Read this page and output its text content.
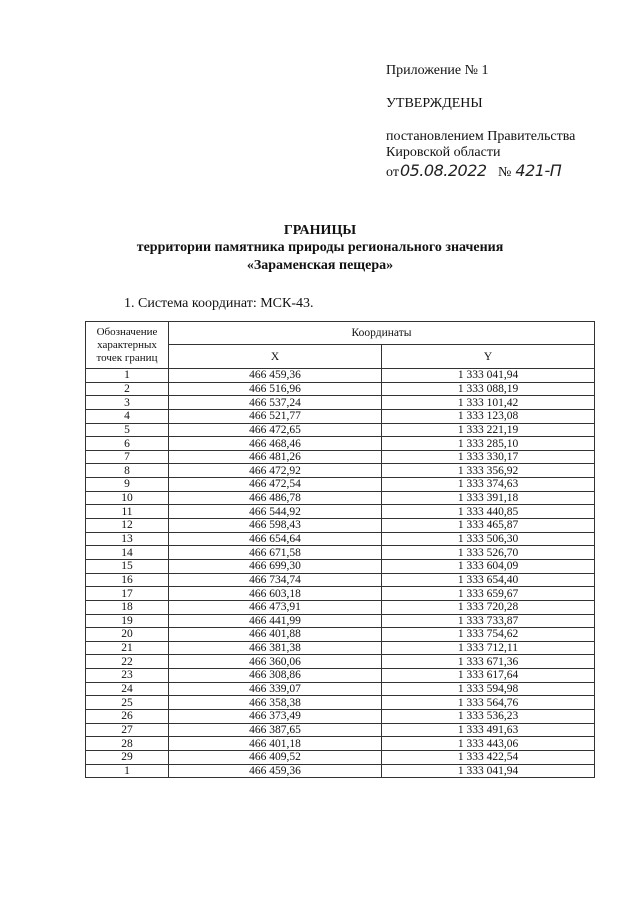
Приложение № 1
УТВЕРЖДЕНЫ
постановлением Правительства
Кировской области
от05.08.2022 № 421-П
ГРАНИЦЫ
территории памятника природы регионального значения
«Зараменская пещера»
1. Система координат: МСК-43.
Обозначение характерных точек границ	Координаты	
	X	Y
1	466 459,36	1 333 041,94
2	466 516,96	1 333 088,19
3	466 537,24	1 333 101,42
4	466 521,77	1 333 123,08
5	466 472,65	1 333 221,19
6	466 468,46	1 333 285,10
7	466 481,26	1 333 330,17
8	466 472,92	1 333 356,92
9	466 472,54	1 333 374,63
10	466 486,78	1 333 391,18
11	466 544,92	1 333 440,85
12	466 598,43	1 333 465,87
13	466 654,64	1 333 506,30
14	466 671,58	1 333 526,70
15	466 699,30	1 333 604,09
16	466 734,74	1 333 654,40
17	466 603,18	1 333 659,67
18	466 473,91	1 333 720,28
19	466 441,99	1 333 733,87
20	466 401,88	1 333 754,62
21	466 381,38	1 333 712,11
22	466 360,06	1 333 671,36
23	466 308,86	1 333 617,64
24	466 339,07	1 333 594,98
25	466 358,38	1 333 564,76
26	466 373,49	1 333 536,23
27	466 387,65	1 333 491,63
28	466 401,18	1 333 443,06
29	466 409,52	1 333 422,54
1	466 459,36	1 333 041,94
